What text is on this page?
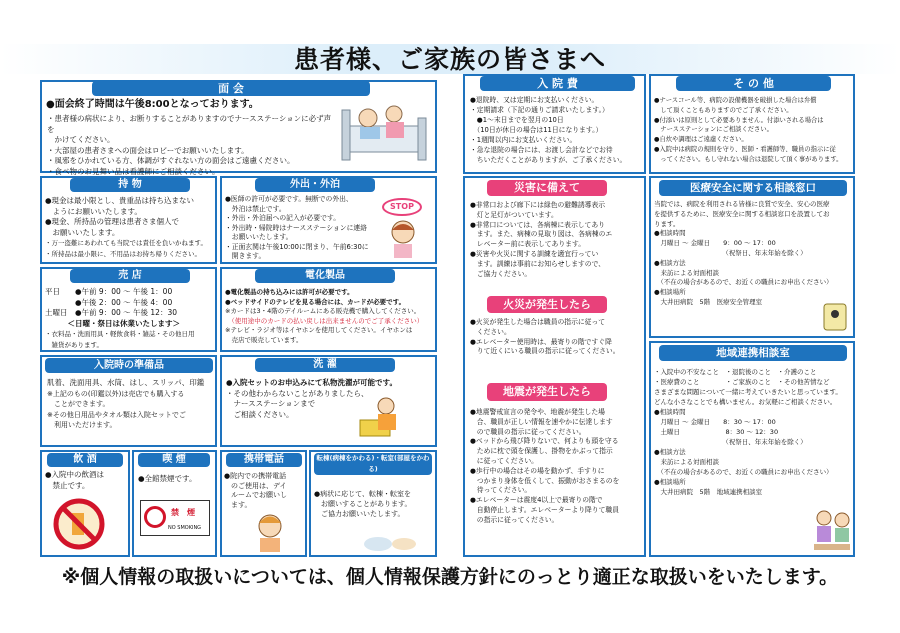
患者様、ご家族の皆さまへ
面 会
●面会終了時間は午後8:00となっております。

・患者様の病状により、お断りすることがありますのでナースステーションに必ず声を

　かけてください。

・大部屋の患者さまへの面会はロビーでお願いいたします。

・風邪をひかれている方、体調がすぐれない方の面会はご遠慮ください。

・食べ物のお見舞い品は看護師にご相談ください。

持 物

●現金は最小限とし、貴重品は持ち込まない

　ようにお願いいたします。

●現金、所持品の管理は患者さま個人で

　お願いいたします。

・万一盗難にあわれても当院では責任を負いかねます。

・所持品は最小限に、不用品はお持ち帰りください。

外出・外泊

●医師の許可が必要です。無断での外出、

　外泊は禁止です。

・外出・外泊届への記入が必要です。

・外出時・帰院時はナースステーションに連絡

　お願いいたします。

・正面玄関は午後10:00に閉まり、午前6:30に

　開きます。

STOP
売 店

平日　　●午前 9：00 ～ 午後 1：00

　　　　●午後 2：00 ～ 午後 4：00

土曜日　●午前 9：00 ～ 午後 12：30

　　　＜日曜・祭日は休業いたします＞

・衣料品・洗面用具・軽飲食料・雑誌・その他日用

　雑貨があります。

電化製品

●電化製品の持ち込みには許可が必要です。

●ベッドサイドのテレビを見る場合には、カードが必要です。

※カードは3・4階のデイルームにある販売機で購入してください。

　（使用途中のカードの払い戻しは出来ませんのでご了承ください）

※テレビ・ラジオ等はイヤホンを使用してください。イヤホンは

　売店で販売しています。

入院時の準備品

肌着、洗面用具、水筒、はし、スリッパ、印鑑

※上記のもの(印鑑以外)は売店でも購入する

　ことができます。

※その他日用品やタオル類は入院セットでご

　利用いただけます。

洗 濯

●入院セットのお申込みにて私物洗濯が可能です。

・その他わからないことがありましたら、

　ナースステーションまで

　ご相談ください。

飲 酒

●入院中の飲酒は

　禁止です。

喫 煙

●全館禁煙です。

禁　煙
NO SMOKING
携帯電話

●院内での携帯電話

　のご使用は、デイ

　ルームでお願いし

　ます。

転棟(病棟をかわる)・転室(部屋をかわる)

●病状に応じて、転棟・転室を

　お願いすることがあります。

　ご協力お願いいたします。

入 院 費

●退院時、又は定期にお支払いください。

・定期請求（下記の通りご請求いたします。）

　●1～末日までを翌月の10日

　（10日が休日の場合は11日になります。）

・1週間以内にお支払いください。

・急な退院の場合には、お渡し会計などでお待

　ちいただくことがありますが、ご了承ください。

そ の 他

●ナースコール等、病院の設備機器を破損した場合は弁償

　して頂くこともありますのでご了承ください。

●付添いは原則として必要ありません。付添いされる場合は

　ナースステーションにご相談ください。

●自炊や調理はご遠慮ください。

●入院中は病院の規則を守り、医師・看護師等、職員の指示に従

　ってください。もし守れない場合は退院して頂く事があります。

災害に備えて

●非常口および廊下には緑色の避難誘導表示

　灯と足灯がついています。

●非常口については、各病棟に表示してあり

　ます。また、病棟の見取り図は、各病棟のエ

　レベーター前に表示してあります。

●災害や火災に関する訓練を適宜行ってい

　ます。訓練は事前にお知らせしますので、

　ご協力ください。

火災が発生したら

●火災が発生した場合は職員の指示に従って

　ください。

●エレベーター使用時は、最寄りの階ですぐ降

　りて近くにいる職員の指示に従ってください。

地震が発生したら

●地震警戒宣言の発令や、地震が発生した場

　合、職員が正しい情報を速やかに伝達します

　ので職員の指示に従ってください。

●ベッドから飛び降りないで、何よりも頭を守る

　ために枕で頭を保護し、掛物をかぶって指示

　に従ってください。

●歩行中の場合はその場を動かず、手すりに

　つかまり身体を低くして、振動がおさまるのを

　待ってください。

●エレベーターは震度4以上で最寄りの階で

　自動停止します。エレベーターより降りて職員

　の指示に従ってください。

医療安全に関する相談窓口

当院では、病院を利用される皆様に良質で安全、安心の医療

を提供するために、医療安全に関する相談窓口を設置してお

ります。

●相談時間

　月曜日 ～ 金曜日　　9：00 ～ 17：00

　　　　　　　　　　　（祝祭日、年末年始を除く）

●相談方法

　来訪による対面相談

　（不在の場合があるので、お近くの職員にお申出ください）

●相談場所

　大井田病院　5階　医療安全管理室

地域連携相談室

・入院中の不安なこと　・退院後のこと　・介護のこと

・医療費のこと　　　　・ご家族のこと　・その他苦情など

さまざまな問題について一緒に考えていきたいと思っています。

どんな小さなことでも構いません。お気軽にご相談ください。

●相談時間

　月曜日 ～ 金曜日　　8：30 ～ 17：00

　土曜日　　　　　　　8：30 ～ 12：30

　　　　　　　　　　　（祝祭日、年末年始を除く）

●相談方法

　来訪による対面相談

　（不在の場合があるので、お近くの職員にお申出ください）

●相談場所

　大井田病院　5階　地域連携相談室

※個人情報の取扱いについては、個人情報保護方針にのっとり適正な取扱いをいたします。
